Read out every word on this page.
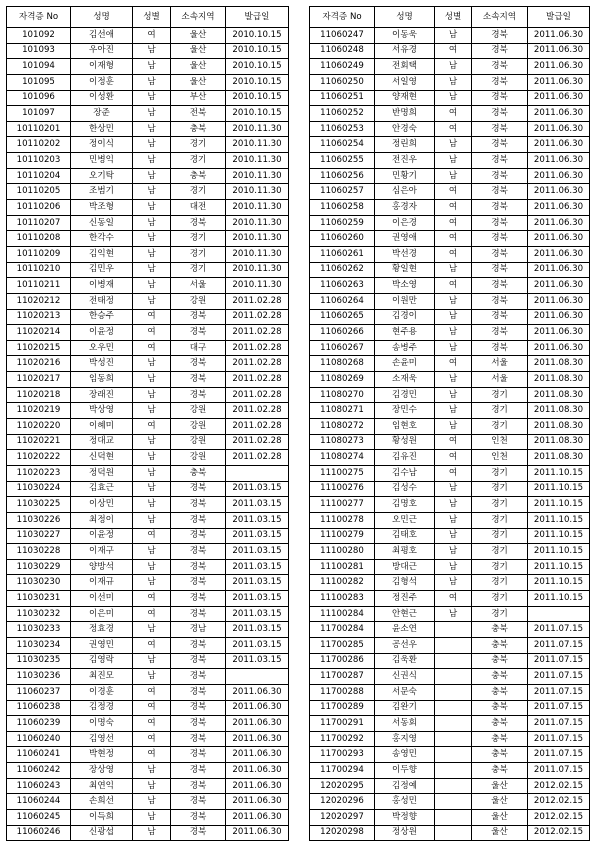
자격증 No	성명	성별	소속지역	발급일
101092	김선애	여	울산	2010.10.15
101093	우아진	남	울산	2010.10.15
101094	이재형	남	울산	2010.10.15
101095	이정훈	남	울산	2010.10.15
101096	이성환	남	부산	2010.10.15
101097	장준	남	전북	2010.10.15
10110201	한상민	남	충북	2010.11.30
10110202	정이식	남	경기	2010.11.30
10110203	민병익	남	경기	2010.11.30
10110204	오기탁	남	충북	2010.11.30
10110205	조범기	남	경기	2010.11.30
10110206	박조형	남	대전	2010.11.30
10110207	신동일	남	경북	2010.11.30
10110208	한각수	남	경기	2010.11.30
10110209	김익현	남	경기	2010.11.30
10110210	김민우	남	경기	2010.11.30
10110211	이병재	남	서울	2010.11.30
11020212	전태정	남	강원	2011.02.28
11020213	한승주	여	경북	2011.02.28
11020214	이윤정	여	경북	2011.02.28
11020215	오우민	여	대구	2011.02.28
11020216	박성진	남	경북	2011.02.28
11020217	임동희	남	경북	2011.02.28
11020218	장래진	남	경북	2011.02.28
11020219	박상영	남	강원	2011.02.28
11020220	이혜미	여	강원	2011.02.28
11020221	정대교	남	강원	2011.02.28
11020222	신덕현	남	강원	2011.02.28
11020223	정덕원	남	충북	
11030224	김효근	남	경북	2011.03.15
11030225	이상민	남	경북	2011.03.15
11030226	최정이	남	경북	2011.03.15
11030227	이윤정	여	경북	2011.03.15
11030228	이재구	남	경북	2011.03.15
11030229	양방석	남	경북	2011.03.15
11030230	이재규	남	경북	2011.03.15
11030231	이선미	여	경북	2011.03.15
11030232	이은미	여	경북	2011.03.15
11030233	정효경	남	경남	2011.03.15
11030234	권영민	여	경북	2011.03.15
11030235	김영락	남	경북	2011.03.15
11030236	최진모	남	경북	
11060237	이경훈	여	경북	2011.06.30
11060238	김정경	여	경북	2011.06.30
11060239	이명숙	여	경북	2011.06.30
11060240	김영선	여	경북	2011.06.30
11060241	박현정	여	경북	2011.06.30
11060242	장상영	남	경북	2011.06.30
11060243	최연익	남	경북	2011.06.30
11060244	손희선	남	경북	2011.06.30
11060245	이득희	남	경북	2011.06.30
11060246	신광섭	남	경북	2011.06.30
자격증 No	성명	성별	소속지역	발급일
11060247	이동욱	남	경북	2011.06.30
11060248	서유경	여	경북	2011.06.30
11060249	전회택	남	경북	2011.06.30
11060250	서일영	남	경북	2011.06.30
11060251	양재현	남	경북	2011.06.30
11060252	반명희	여	경북	2011.06.30
11060253	안경숙	여	경북	2011.06.30
11060254	정린희	남	경북	2011.06.30
11060255	전진우	남	경북	2011.06.30
11060256	민황기	남	경북	2011.06.30
11060257	심은아	여	경북	2011.06.30
11060258	홍경자	여	경북	2011.06.30
11060259	이은경	여	경북	2011.06.30
11060260	권영애	여	경북	2011.06.30
11060261	박선경	여	경북	2011.06.30
11060262	황일현	남	경북	2011.06.30
11060263	박소영	여	경북	2011.06.30
11060264	이원만	남	경북	2011.06.30
11060265	김경이	남	경북	2011.06.30
11060266	현주용	남	경북	2011.06.30
11060267	송병주	남	경북	2011.06.30
11080268	손윤미	여	서울	2011.08.30
11080269	소재욱	남	서울	2011.08.30
11080270	김경민	남	경기	2011.08.30
11080271	장민수	남	경기	2011.08.30
11080272	임현호	남	경기	2011.08.30
11080273	황성원	여	인천	2011.08.30
11080274	김유진	여	인천	2011.08.30
11100275	김수남	여	경기	2011.10.15
11100276	김성수	남	경기	2011.10.15
11100277	김명호	남	경기	2011.10.15
11100278	오민근	남	경기	2011.10.15
11100279	김태호	남	경기	2011.10.15
11100280	최평호	남	경기	2011.10.15
11100281	방대근	남	경기	2011.10.15
11100282	김형석	남	경기	2011.10.15
11100283	정진주	여	경기	2011.10.15
11100284	안현근	남	경기	
11700284	윤소연		충북	2011.07.15
11700285	공선우		충북	2011.07.15
11700286	김욱환		충북	2011.07.15
11700287	신권식		충북	2011.07.15
11700288	서문숙		충북	2011.07.15
11700289	김완기		충북	2011.07.15
11700291	서동회		충북	2011.07.15
11700292	홍지영		충북	2011.07.15
11700293	송영민		충북	2011.07.15
11700294	이두향		충북	2011.07.15
12020295	김정예		울산	2012.02.15
12020296	홍성민		울산	2012.02.15
12020297	박정향		울산	2012.02.15
12020298	정상원		울산	2012.02.15
